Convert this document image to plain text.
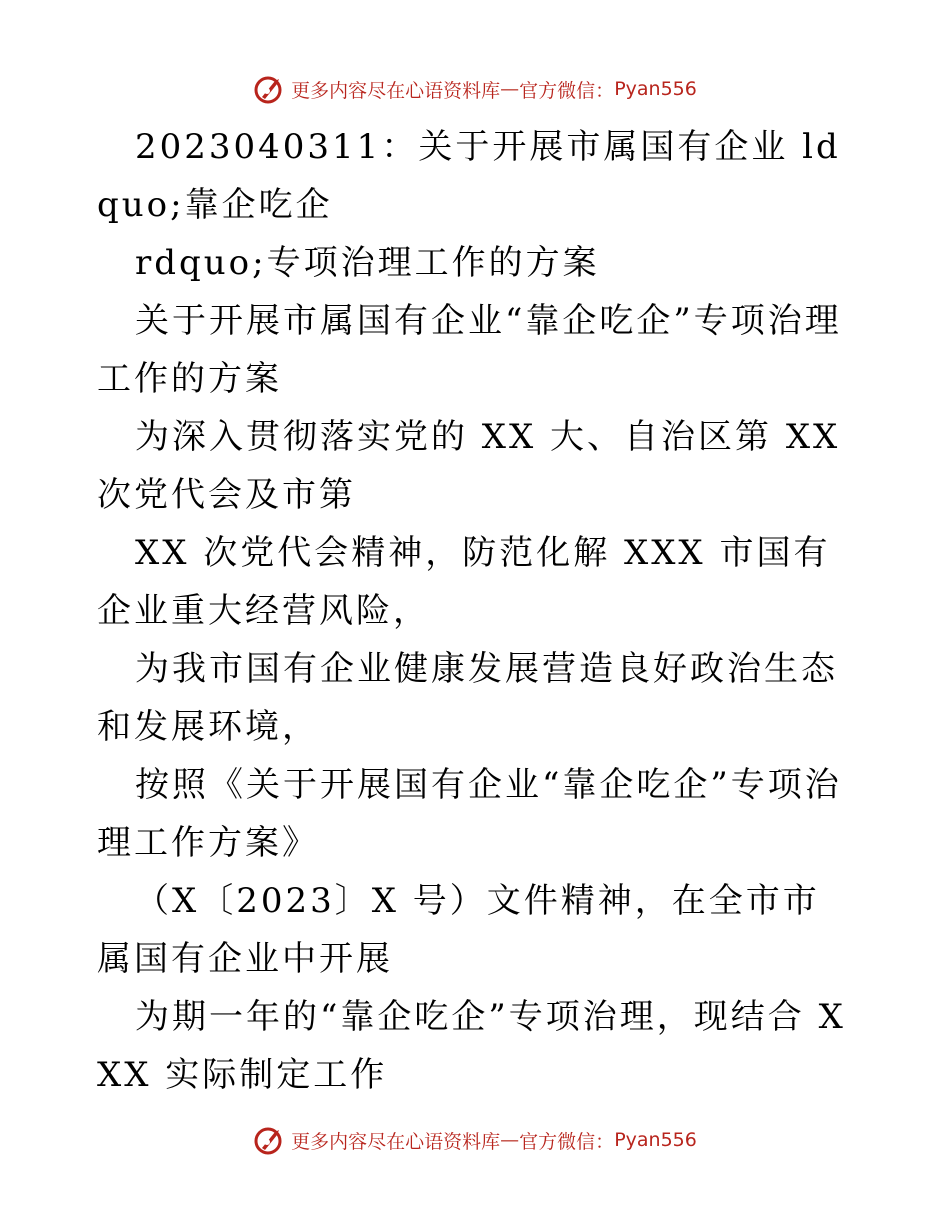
更多内容尽在心语资料库 — 官方微信： Pyan556

2023040311：关于开展市属国有企业 ldquo;靠企吃企

rdquo;专项治理工作的方案

关于开展市属国有企业“靠企吃企”专项治理工作的方案

为深入贯彻落实党的 XX 大、自治区第 XX 次党代会及市第

XX 次党代会精神，防范化解 XXX 市国有企业重大经营风险，

为我市国有企业健康发展营造良好政治生态和发展环境，

按照《关于开展国有企业“靠企吃企”专项治理工作方案》

（X〔2023〕X 号）文件精神，在全市市属国有企业中开展

为期一年的“靠企吃企”专项治理，现结合 XXX 实际制定工作

更多内容尽在心语资料库 — 官方微信： Pyan556
